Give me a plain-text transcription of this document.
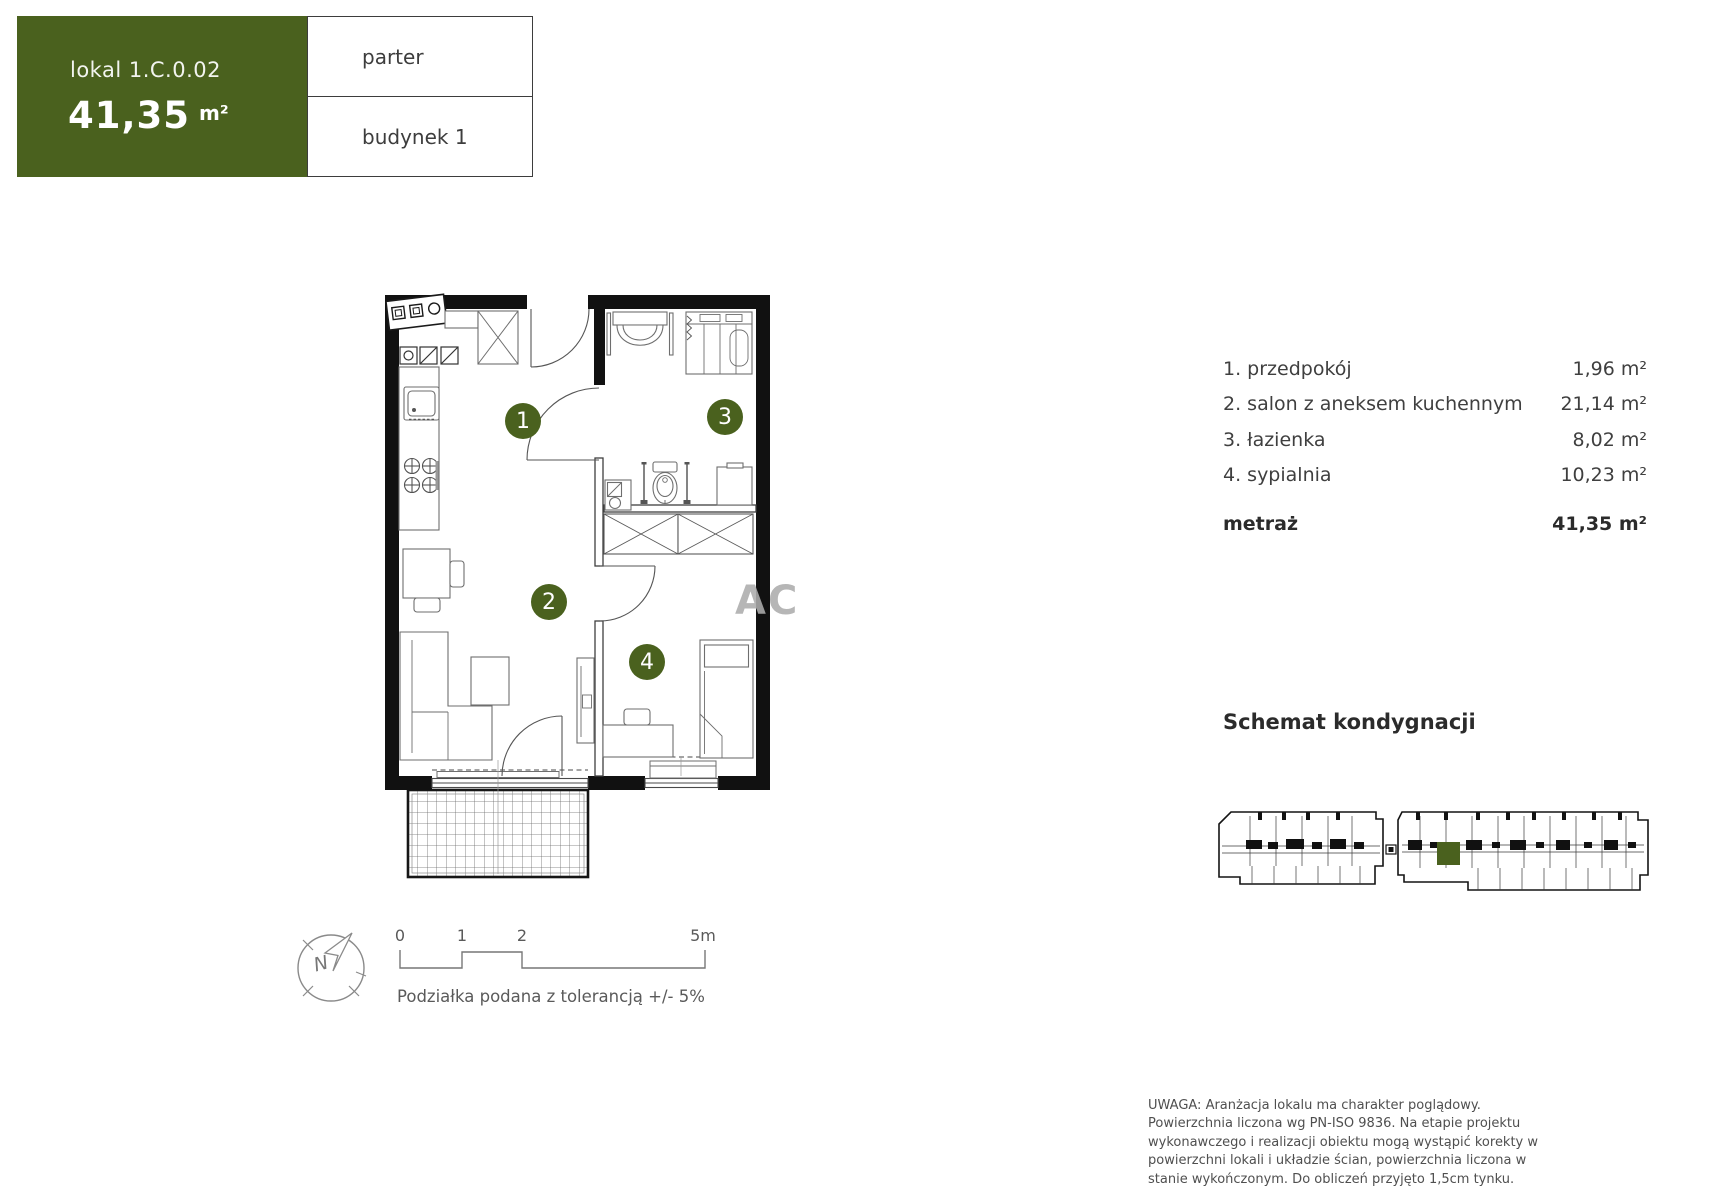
lokal 1.C.0.02
41,35 $^{m^2}$
parter
budynek 1
1
2
3
4
AC
1. przedpokój	1,96 m²
2. salon z aneksem kuchennym 21,14 m²
3. łazienka	8,02 m²
4. sypialnia	10,23 m²
metraż	41,35 m²
Schemat kondygnacji
N
0	1	2	5m
Podziałka podana z tolerancją +/- 5%
UWAGA: Aranżacja lokalu ma charakter poglądowy. Powierzchnia liczona wg PN-ISO 9836. Na etapie projektu wykonawczego i realizacji obiektu mogą wystąpić korekty w powierzchni lokali i układzie ścian, powierzchnia liczona w stanie wykończonym. Do obliczeń przyjęto 1,5cm tynku.
